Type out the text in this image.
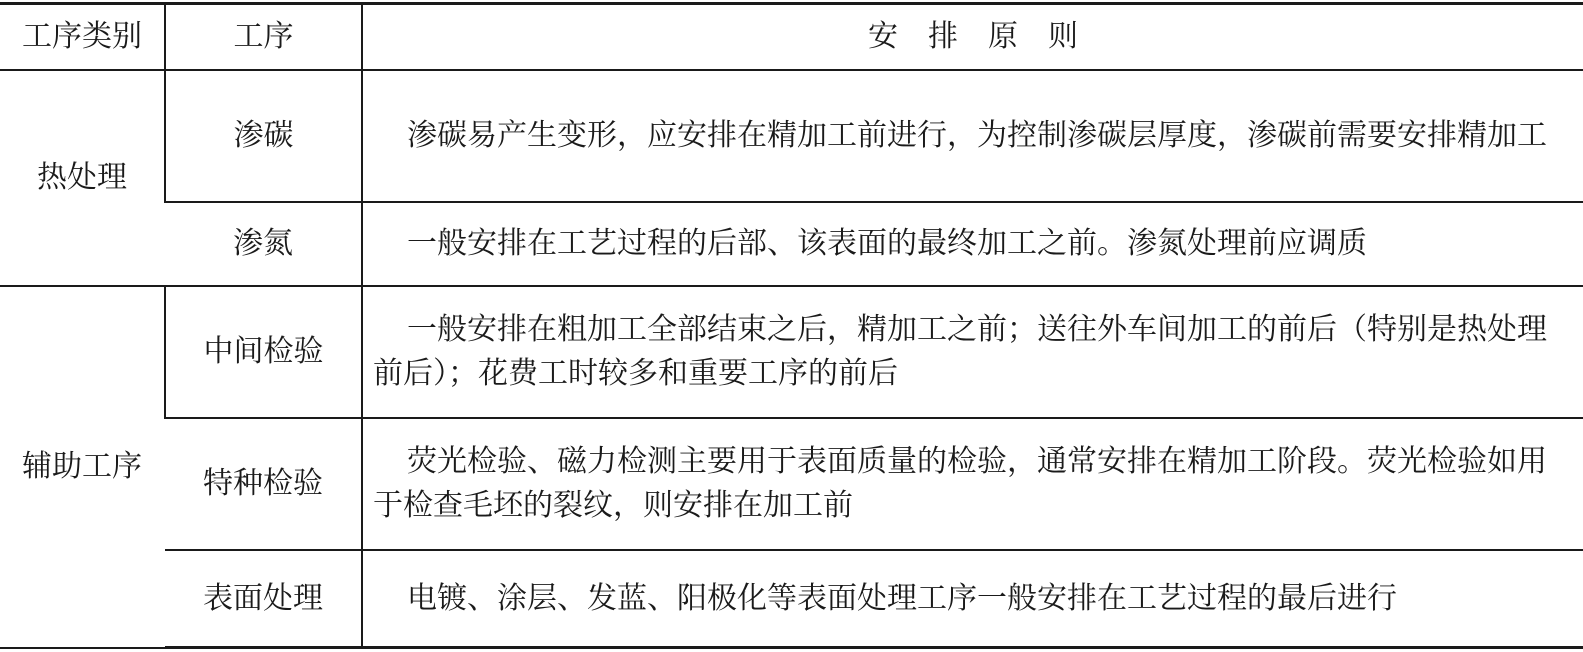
工序类别	工序	安排原则
热处理	渗碳	渗碳易产生变形，应安排在精加工前进行，为控制渗碳层厚度，渗碳前需要安排精加工
	渗氮	一般安排在工艺过程的后部、该表面的最终加工之前。渗氮处理前应调质
辅助工序	中间检验	一般安排在粗加工全部结束之后，精加工之前；送往外车间加工的前后（特别是热处理前后）；花费工时较多和重要工序的前后
	特种检验	荧光检验、磁力检测主要用于表面质量的检验，通常安排在精加工阶段。荧光检验如用于检查毛坯的裂纹，则安排在加工前
	表面处理	电镀、涂层、发蓝、阳极化等表面处理工序一般安排在工艺过程的最后进行
